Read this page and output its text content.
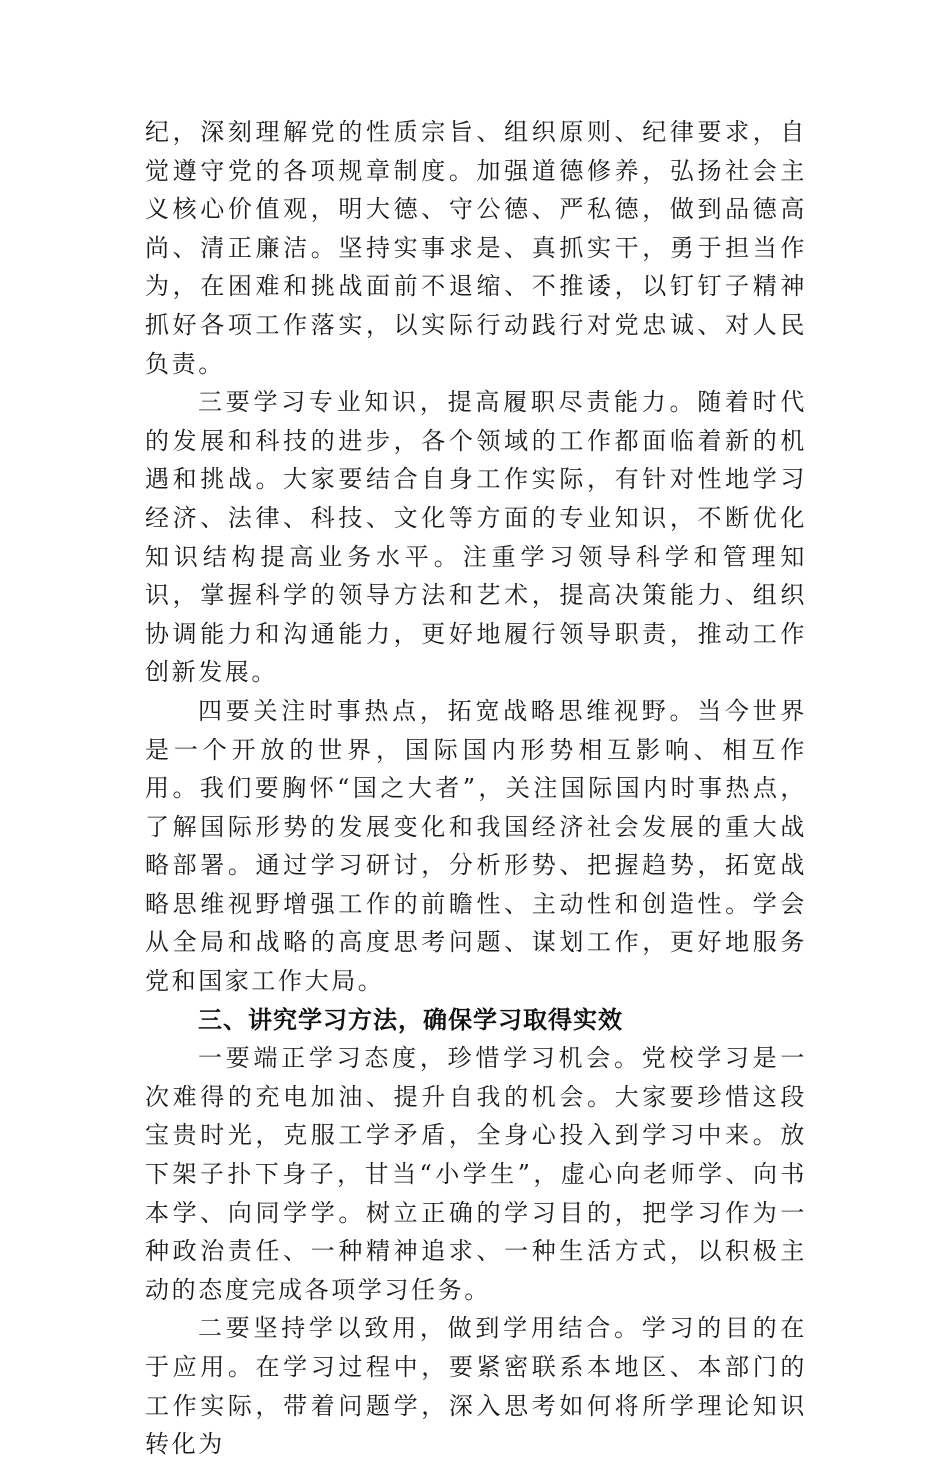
纪，深刻理解党的性质宗旨、组织原则、纪律要求，自觉遵守党的各项规章制度。加强道德修养，弘扬社会主义核心价值观，明大德、守公德、严私德，做到品德高尚、清正廉洁。坚持实事求是、真抓实干，勇于担当作为，在困难和挑战面前不退缩、不推诿，以钉钉子精神抓好各项工作落实，以实际行动践行对党忠诚、对人民负责。

三要学习专业知识，提高履职尽责能力。随着时代的发展和科技的进步，各个领域的工作都面临着新的机遇和挑战。大家要结合自身工作实际，有针对性地学习经济、法律、科技、文化等方面的专业知识，不断优化知识结构提高业务水平。注重学习领导科学和管理知识，掌握科学的领导方法和艺术，提高决策能力、组织协调能力和沟通能力，更好地履行领导职责，推动工作创新发展。

四要关注时事热点，拓宽战略思维视野。当今世界是一个开放的世界，国际国内形势相互影响、相互作用。我们要胸怀“国之大者”，关注国际国内时事热点，了解国际形势的发展变化和我国经济社会发展的重大战略部署。通过学习研讨，分析形势、把握趋势，拓宽战略思维视野增强工作的前瞻性、主动性和创造性。学会从全局和战略的高度思考问题、谋划工作，更好地服务党和国家工作大局。

三、讲究学习方法，确保学习取得实效

一要端正学习态度，珍惜学习机会。党校学习是一次难得的充电加油、提升自我的机会。大家要珍惜这段宝贵时光，克服工学矛盾，全身心投入到学习中来。放下架子扑下身子，甘当“小学生”，虚心向老师学、向书本学、向同学学。树立正确的学习目的，把学习作为一种政治责任、一种精神追求、一种生活方式，以积极主动的态度完成各项学习任务。

二要坚持学以致用，做到学用结合。学习的目的在于应用。在学习过程中，要紧密联系本地区、本部门的工作实际，带着问题学，深入思考如何将所学理论知识转化为
